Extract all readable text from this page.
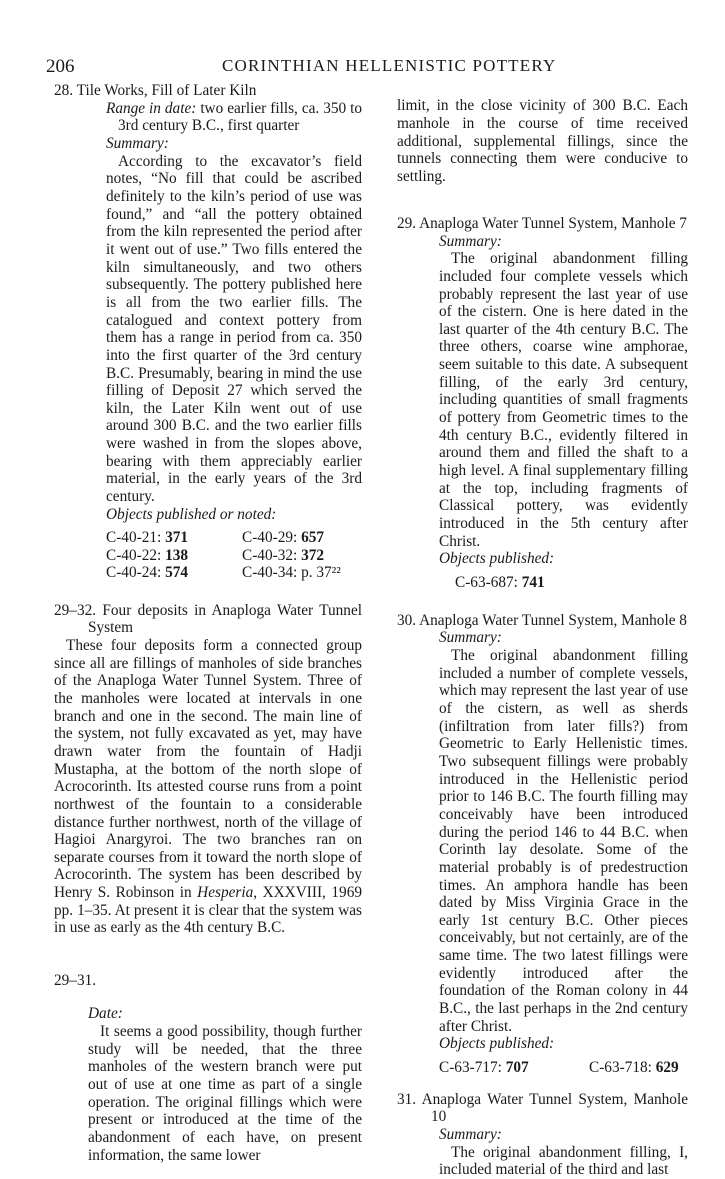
206	CORINTHIAN HELLENISTIC POTTERY

28. Tile Works, Fill of Later Kiln

Range in date: two earlier fills, ca. 350 to 3rd century B.C., first quarter

Summary:

According to the excavator’s field notes, “No fill that could be ascribed definitely to the kiln’s period of use was found,” and “all the pottery obtained from the kiln represented the period after it went out of use.” Two fills entered the kiln simultaneously, and two others subsequently. The pottery published here is all from the two earlier fills. The catalogued and context pottery from them has a range in period from ca. 350 into the first quarter of the 3rd century B.C. Presumably, bearing in mind the use filling of Deposit 27 which served the kiln, the Later Kiln went out of use around 300 B.C. and the two earlier fills were washed in from the slopes above, bearing with them appreciably earlier material, in the early years of the 3rd century.

Objects published or noted:

C-40-21: 371	C-40-29: 657
C-40-22: 138	C-40-32: 372
C-40-24: 574	C-40-34: p. 37²²

29–32. Four deposits in Anaploga Water Tunnel System

These four deposits form a connected group since all are fillings of manholes of side branches of the Anaploga Water Tunnel System. Three of the manholes were located at intervals in one branch and one in the second. The main line of the system, not fully excavated as yet, may have drawn water from the fountain of Hadji Mustapha, at the bottom of the north slope of Acrocorinth. Its attested course runs from a point northwest of the fountain to a considerable distance further northwest, north of the village of Hagioi Anargyroi. The two branches ran on separate courses from it toward the north slope of Acrocorinth. The system has been described by Henry S. Robinson in Hesperia, XXXVIII, 1969 pp. 1–35. At present it is clear that the system was in use as early as the 4th century B.C.

29–31.

Date:

It seems a good possibility, though further study will be needed, that the three manholes of the western branch were put out of use at one time as part of a single operation. The original fillings which were present or introduced at the time of the abandonment of each have, on present information, the same lower

limit, in the close vicinity of 300 B.C. Each manhole in the course of time received additional, supplemental fillings, since the tunnels connecting them were conducive to settling.

29. Anaploga Water Tunnel System, Manhole 7

Summary:

The original abandonment filling included four complete vessels which probably represent the last year of use of the cistern. One is here dated in the last quarter of the 4th century B.C. The three others, coarse wine amphorae, seem suitable to this date. A subsequent filling, of the early 3rd century, including quantities of small fragments of pottery from Geometric times to the 4th century B.C., evidently filtered in around them and filled the shaft to a high level. A final supplementary filling at the top, including fragments of Classical pottery, was evidently introduced in the 5th century after Christ.

Objects published:

C-63-687: 741

30. Anaploga Water Tunnel System, Manhole 8

Summary:

The original abandonment filling included a number of complete vessels, which may represent the last year of use of the cistern, as well as sherds (infiltration from later fills?) from Geometric to Early Hellenistic times. Two subsequent fillings were probably introduced in the Hellenistic period prior to 146 B.C. The fourth filling may conceivably have been introduced during the period 146 to 44 B.C. when Corinth lay desolate. Some of the material probably is of predestruction times. An amphora handle has been dated by Miss Virginia Grace in the early 1st century B.C. Other pieces conceivably, but not certainly, are of the same time. The two latest fillings were evidently introduced after the foundation of the Roman colony in 44 B.C., the last perhaps in the 2nd century after Christ.

Objects published:

C-63-717: 707	C-63-718: 629

31. Anaploga Water Tunnel System, Manhole 10

Summary:

The original abandonment filling, I, included material of the third and last
